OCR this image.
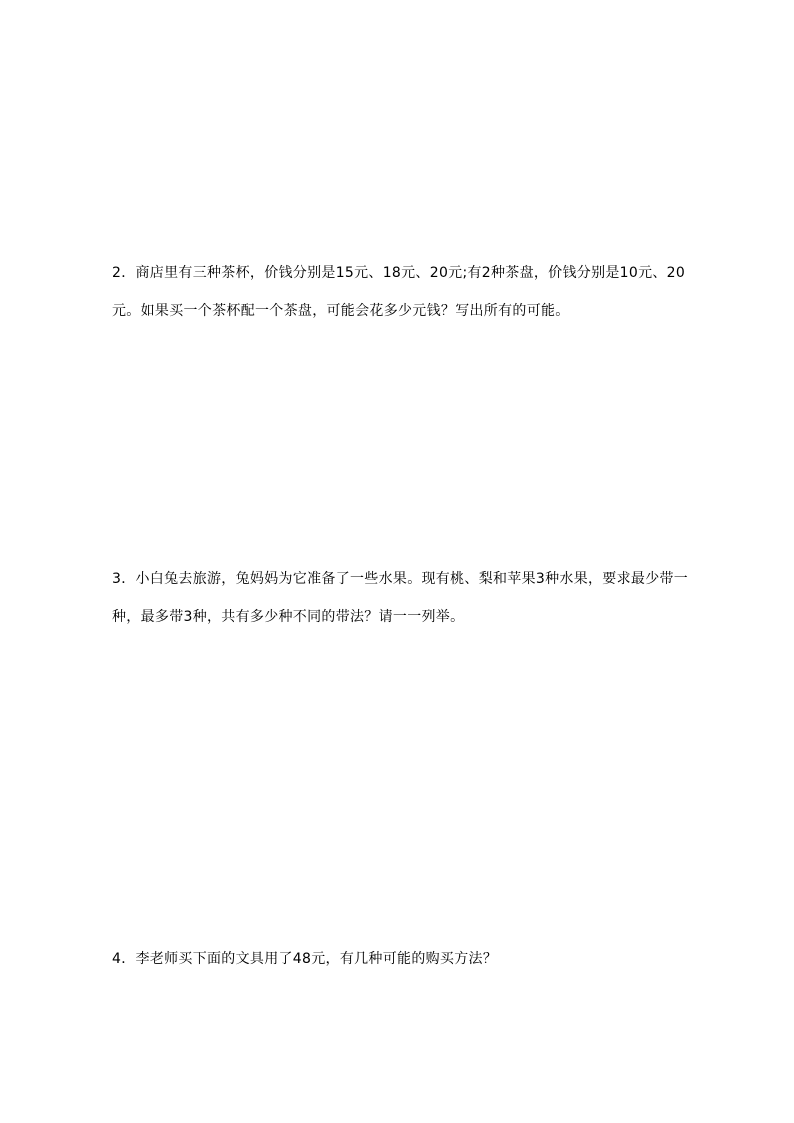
2．商店里有三种茶杯，价钱分别是15元、18元、20元;有2种茶盘，价钱分别是10元、20
元。如果买一个茶杯配一个茶盘，可能会花多少元钱？写出所有的可能。
3．小白兔去旅游，兔妈妈为它准备了一些水果。现有桃、梨和苹果3种水果，要求最少带一
种，最多带3种，共有多少种不同的带法？请一一列举。
4．李老师买下面的文具用了48元，有几种可能的购买方法？
